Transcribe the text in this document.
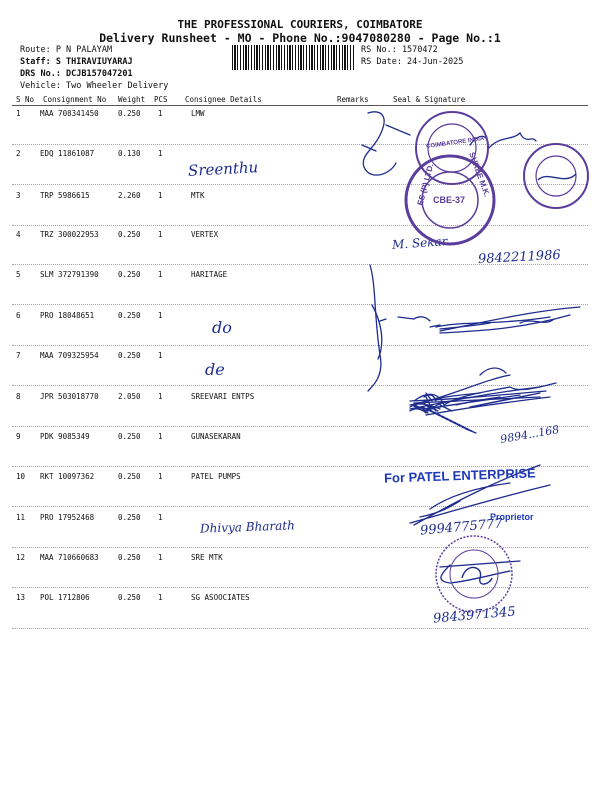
THE PROFESSIONAL COURIERS, COIMBATORE
Delivery Runsheet - MO - Phone No.:9047080280 - Page No.:1
Route: P N PALAYAM
Staff: S THIRAVIUYARAJ
DRS No.: DCJB157047201
Vehicle: Two Wheeler Delivery
RS No.: 1570472
RS Date: 24-Jun-2025
S No Consignment No Weight PCS Consignee Details	Remarks	Seal & Signature
1	MAA 708341450	0.250 1	LMW
2	EDQ 11861087	0.130 1
3	TRP 5986615	2.260 1	MTK
4	TRZ 300022953	0.250 1	VERTEX
5	SLM 372791390	0.250 1	HARITAGE
6	PRO 18048651	0.250 1
7	MAA 709325954	0.250 1
8	JPR 503018770	2.050 1	SREEVARI ENTPS
9	PDK 9085349	0.250 1	GUNASEKARAN
10 RKT 10097362	0.250 1	PATEL PUMPS
11 PRO 17952468	0.250 1
12 MAA 710660683	0.250 1	SRE MTK
13 POL 1712806	0.250 1	SG ASOOCIATES
Sreenthu
M. Sekar
9842211986
do
de
9894...168
Dhivya Bharath	9994775777
9843971345
COIMBATORE INDIA
ES (P) LTD.	SHREE M.K.
CBE-37
For PATEL ENTERPRISE
Proprietor
